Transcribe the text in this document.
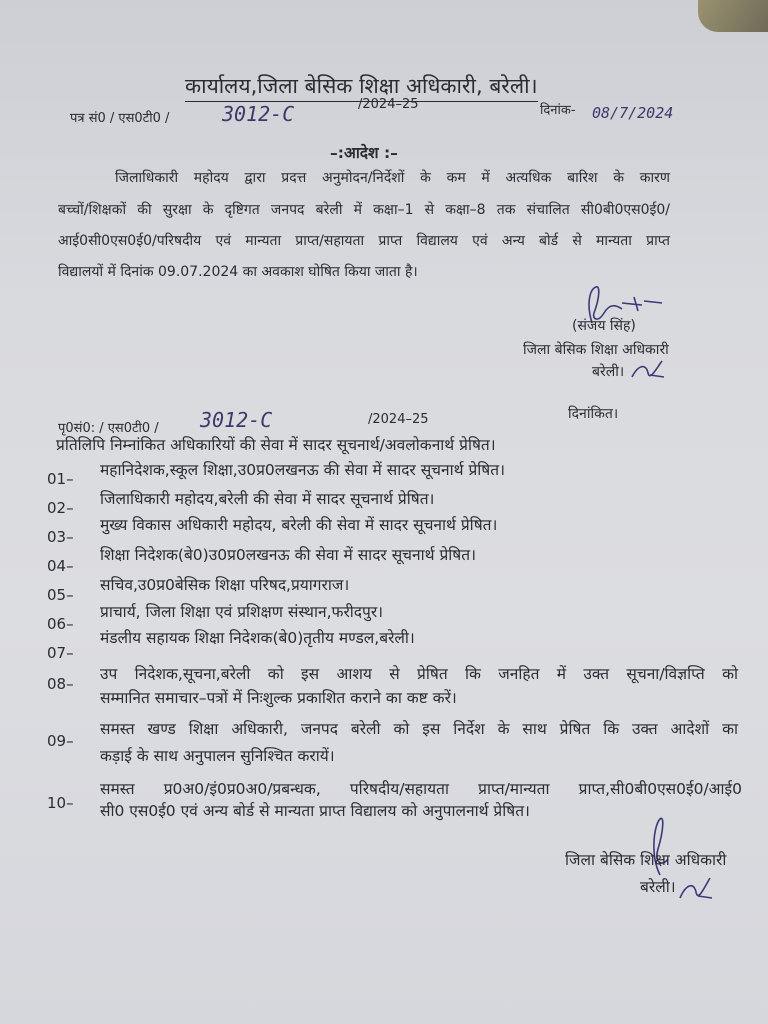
कार्यालय,जिला बेसिक शिक्षा अधिकारी, बरेली।
पत्र सं0 / एस0टी0 /	3012-C	/2024–25	दिनांक- 08/7/2024
–:आदेश :–

जिलाधिकारी महोदय द्वारा प्रदत्त अनुमोदन/निर्देशों के कम में अत्यधिक बारिश के कारण

बच्चों/शिक्षकों की सुरक्षा के दृष्टिगत जनपद बरेली में कक्षा–1 से कक्षा–8 तक संचालित सी0बी0एस0ई0/

आई0सी0एस0ई0/परिषदीय एवं मान्यता प्राप्त/सहायता प्राप्त विद्यालय एवं अन्य बोर्ड से मान्यता प्राप्त

विद्यालयों में दिनांक 09.07.2024 का अवकाश घोषित किया जाता है।

(संजय सिंह)
जिला बेसिक शिक्षा अधिकारी
बरेली।
पृ0सं0: / एस0टी0 / 3012-C	/2024–25	दिनांकित।
प्रतिलिपि निम्नांकित अधिकारियों की सेवा में सादर सूचनार्थ/अवलोकनार्थ प्रेषित।
01– महानिदेशक,स्कूल शिक्षा,उ0प्र0लखनऊ की सेवा में सादर सूचनार्थ प्रेषित।
02– जिलाधिकारी महोदय,बरेली की सेवा में सादर सूचनार्थ प्रेषित।
03–
मुख्य विकास अधिकारी महोदय, बरेली की सेवा में सादर सूचनार्थ प्रेषित।
04–
शिक्षा निदेशक(बे0)उ0प्र0लखनऊ की सेवा में सादर सूचनार्थ प्रेषित।
05–
सचिव,उ0प्र0बेसिक शिक्षा परिषद,प्रयागराज।
06–
प्राचार्य, जिला शिक्षा एवं प्रशिक्षण संस्थान,फरीदपुर।
07–
मंडलीय सहायक शिक्षा निदेशक(बे0)तृतीय मण्डल,बरेली।
08–
उप निदेशक,सूचना,बरेली को इस आशय से प्रेषित कि जनहित में उक्त सूचना/विज्ञप्ति को
सम्मानित समाचार–पत्रों में निःशुल्क प्रकाशित कराने का कष्ट करें।
09–
समस्त खण्ड शिक्षा अधिकारी, जनपद बरेली को इस निर्देश के साथ प्रेषित कि उक्त आदेशों का
कड़ाई के साथ अनुपालन सुनिश्चित करायें।
10–
समस्त प्र0अ0/इं0प्र0अ0/प्रबन्धक, परिषदीय/सहायता प्राप्त/मान्यता प्राप्त,सी0बी0एस0ई0/आई0
सी0 एस0ई0 एवं अन्य बोर्ड से मान्यता प्राप्त विद्यालय को अनुपालनार्थ प्रेषित।
जिला बेसिक शिक्षा अधिकारी
बरेली।
